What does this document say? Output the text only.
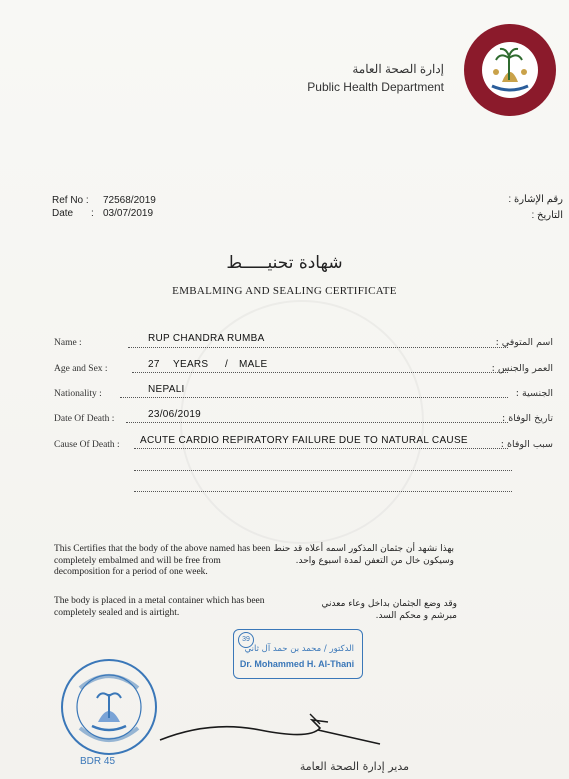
إدارة الصحة العامة
Public Health Department
Ref No : 72568/2019
Date : 03/07/2019
رقم الإشارة :
التاريخ :
شهادة تحنيـــــط
EMBALMING AND SEALING CERTIFICATE
Name :	RUP CHANDRA RUMBA	اسم المتوفي :
Age and Sex :	27 YEARS / MALE	العمر والجنس :
Nationality :	NEPALI	الجنسية :
Date Of Death :	23/06/2019	تاريخ الوفاة :
Cause Of Death : ACUTE CARDIO REPIRATORY FAILURE DUE TO NATURAL CAUSE	سبب الوفاة :
This Certifies that the body of the above named has been completely embalmed and will be free from decomposition for a period of one week.
بهذا نشهد أن جثمان المذكور اسمه أعلاه قد حنط وسيكون خال من التعفن لمدة اسبوع واحد.
The body is placed in a metal container which has been completely sealed and is airtight.
وقد وضع الجثمان بداخل وعاء معدني مبرشم و محكم السد.
39
الدكتور / محمد بن حمد آل ثاني
Dr. Mohammed H. Al-Thani
BDR 45	مدير إدارة الصحة العامة
